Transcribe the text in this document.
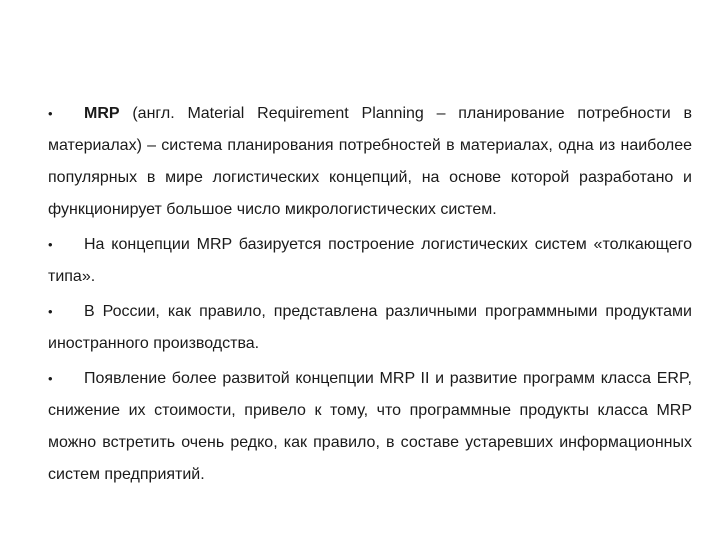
• MRP (англ. Material Requirement Planning – планирование потребности в материалах) – система планирования потребностей в материалах, одна из наиболее популярных в мире логистических концепций, на основе которой разработано и функционирует большое число микрологистических систем.

• На концепции MRP базируется построение логистических систем «толкающего типа».

• В России, как правило, представлена различными программными продуктами иностранного производства.

• Появление более развитой концепции MRP II и развитие программ класса ERP, снижение их стоимости, привело к тому, что программные продукты класса MRP можно встретить очень редко, как правило, в составе устаревших информационных систем предприятий.
